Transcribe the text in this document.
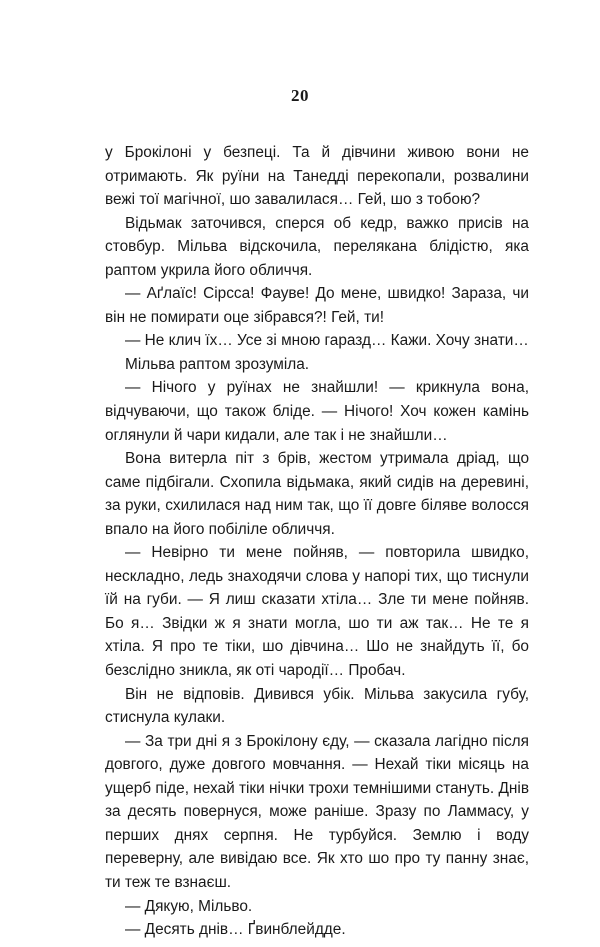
20

у Брокілоні у безпеці. Та й дівчини живою вони не отримають. Як руїни на Танедді перекопали, розвалини вежі тої магічної, шо завалилася… Гей, шо з тобою?

Відьмак заточився, сперся об кедр, важко присів на стовбур. Мільва відскочила, перелякана блідістю, яка раптом укрила його обличчя.

— Аґлаїс! Сірсса! Фауве! До мене, швидко! Зараза, чи він не помирати оце зібрався?! Гей, ти!

— Не клич їх… Усе зі мною гаразд… Кажи. Хочу знати…

Мільва раптом зрозуміла.

— Нічого у руїнах не знайшли! — крикнула вона, відчуваючи, що також бліде. — Нічого! Хоч кожен камінь оглянули й чари кидали, але так і не знайшли…

Вона витерла піт з брів, жестом утримала дріад, що саме підбігали. Схопила відьмака, який сидів на деревині, за руки, схилилася над ним так, що її довге біляве волосся впало на його побіліле обличчя.

— Невірно ти мене пойняв, — повторила швидко, нескладно, ледь знаходячи слова у напорі тих, що тиснули їй на губи. — Я лиш сказати хтіла… Зле ти мене пойняв. Бо я… Звідки ж я знати могла, шо ти аж так… Не те я хтіла. Я про те тіки, шо дівчина… Шо не знайдуть її, бо безслідно зникла, як оті чародії… Пробач.

Він не відповів. Дивився убік. Мільва закусила губу, стиснула кулаки.

— За три дні я з Брокілону єду, — сказала лагідно після довгого, дуже довгого мовчання. — Нехай тіки місяць на ущерб піде, нехай тіки нічки трохи темнішими стануть. Днів за десять повернуся, може раніше. Зразу по Ламмасу, у перших днях серпня. Не турбуйся. Землю і воду переверну, але вивідаю все. Як хто шо про ту панну знає, ти теж те взнаєш.

— Дякую, Мільво.

— Десять днів… Ґвинблейдде.
